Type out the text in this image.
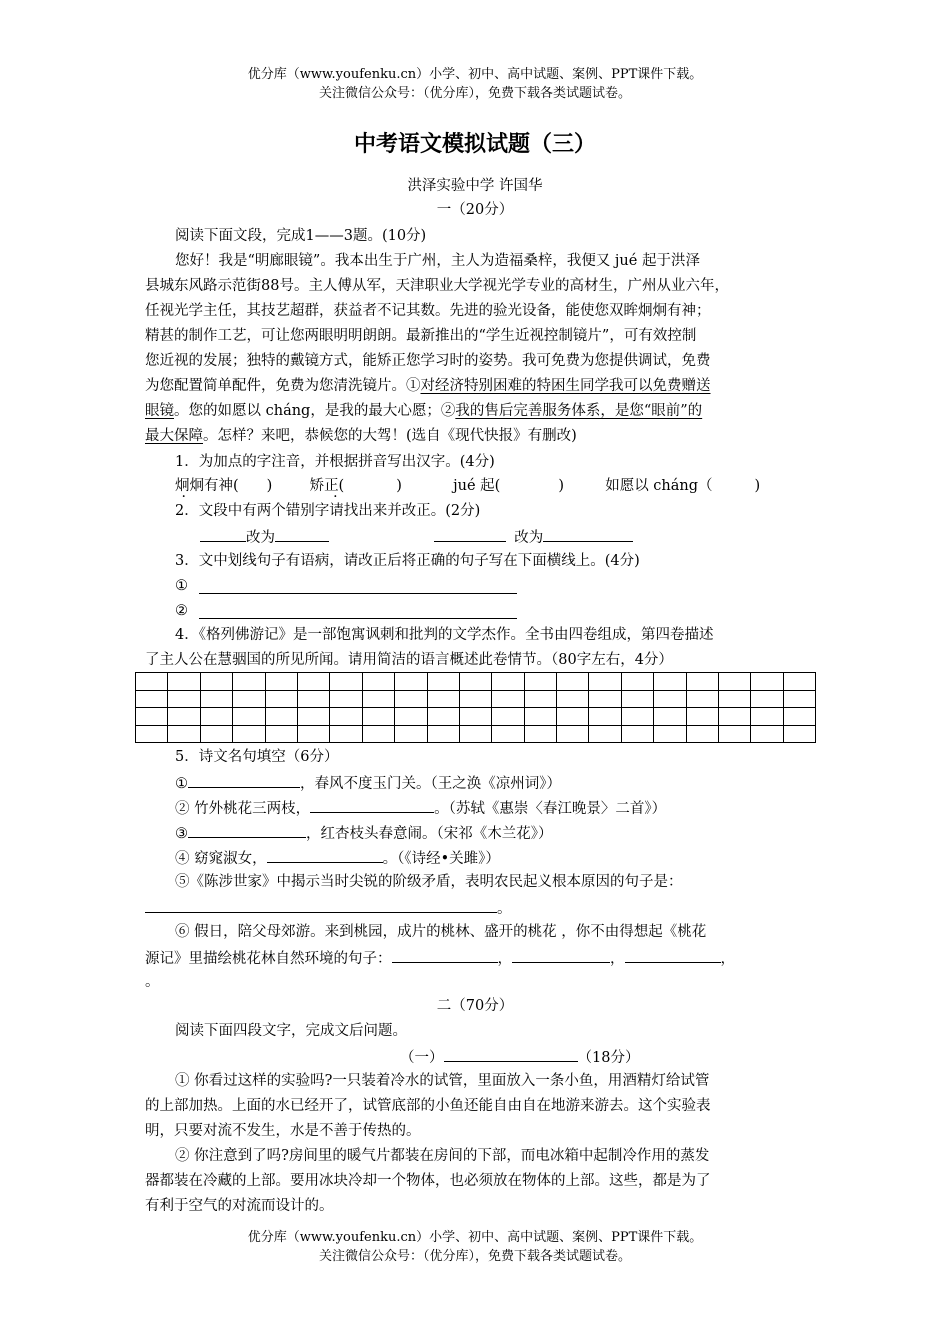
优分库（www.youfenku.cn）小学、初中、高中试题、案例、PPT课件下载。
关注微信公众号：（优分库），免费下载各类试题试卷。
中考语文模拟试题（三）
洪泽实验中学 许国华
一（20分）
阅读下面文段，完成1——3题。(10分)
您好！我是“明廊眼镜”。我本出生于广州，主人为造福桑梓，我便又 jué 起于洪泽
县城东风路示范街88号。主人傅从军，天津职业大学视光学专业的高材生，广州从业六年，
任视光学主任，其技艺超群，获益者不记其数。先进的验光设备，能使您双眸炯炯有神；
精甚的制作工艺，可让您两眼明明朗朗。最新推出的“学生近视控制镜片”，可有效控制
您近视的发展；独特的戴镜方式，能矫正您学习时的姿势。我可免费为您提供调试，免费
为您配置简单配件，免费为您清洗镜片。①对经济特别困难的特困生同学我可以免费赠送
眼镜。您的如愿以 cháng，是我的最大心愿；②我的售后完善服务体系，是您“眼前”的
最大保障。怎样？来吧，恭候您的大驾！(选自《现代快报》有删改)
1．为加点的字注音，并根据拼音写出汉字。(4分)
炯炯有神( )	矫正( ·	)	jué 起(	)	如愿以 cháng（	)
2．文段中有两个错别字请找出来并改正。(2分)
改为	改为
3．文中划线句子有语病，请改正后将正确的句子写在下面横线上。(4分)
①
②
4．《格列佛游记》是一部饱寓讽刺和批判的文学杰作。全书由四卷组成，第四卷描述
了主人公在慧骃国的所见所闻。请用简洁的语言概述此卷情节。（80字左右，4分）

5．诗文名句填空（6分）
①	，春风不度玉门关。（王之涣《凉州词》）
② 竹外桃花三两枝，	。（苏轼《惠崇〈春江晚景〉二首》）
③	，红杏枝头春意闹。（宋祁《木兰花》）
④ 窈窕淑女，	。（《诗经•关雎》）
⑤《陈涉世家》中揭示当时尖锐的阶级矛盾，表明农民起义根本原因的句子是：
。
⑥ 假日，陪父母郊游。来到桃园，成片的桃林、盛开的桃花 ，你不由得想起《桃花
源记》里描绘桃花林自然环境的句子：	，	，	，
。
二（70分）
阅读下面四段文字，完成文后问题。
（一）	（18分）
① 你看过这样的实验吗?一只装着冷水的试管，里面放入一条小鱼，用酒精灯给试管
的上部加热。上面的水已经开了，试管底部的小鱼还能自由自在地游来游去。这个实验表
明，只要对流不发生，水是不善于传热的。
② 你注意到了吗?房间里的暖气片都装在房间的下部，而电冰箱中起制冷作用的蒸发
器都装在冷藏的上部。要用冰块冷却一个物体，也必须放在物体的上部。这些，都是为了
有利于空气的对流而设计的。
优分库（www.youfenku.cn）小学、初中、高中试题、案例、PPT课件下载。
关注微信公众号：（优分库），免费下载各类试题试卷。
